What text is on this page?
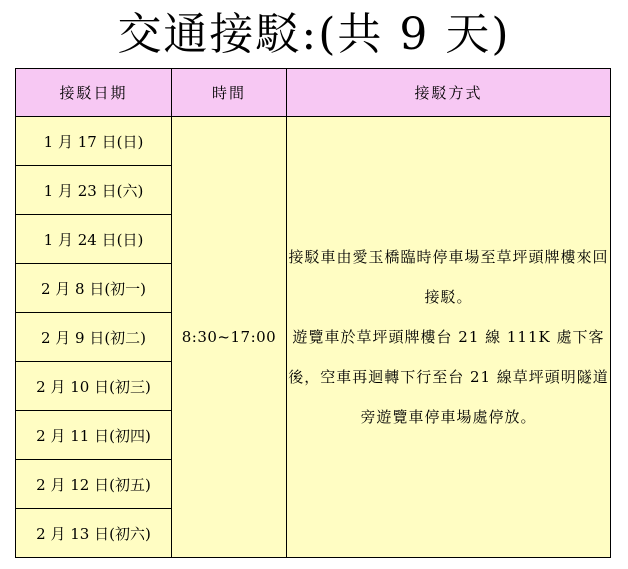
交通接駁:(共 9 天)
接駁日期	時間	接駁方式
1 月 17 日(日)	8:30~17:00	接駁車由愛玉橋臨時停車場至草坪頭牌樓來回接駁。
遊覽車於草坪頭牌樓台 21 線 111K 處下客後，空車再迴轉下行至台 21 線草坪頭明隧道旁遊覽車停車場處停放。

1 月 23 日(六)		
1 月 24 日(日)		
2 月 8 日(初一)		
2 月 9 日(初二)		
2 月 10 日(初三)		
2 月 11 日(初四)		
2 月 12 日(初五)		
2 月 13 日(初六)		
